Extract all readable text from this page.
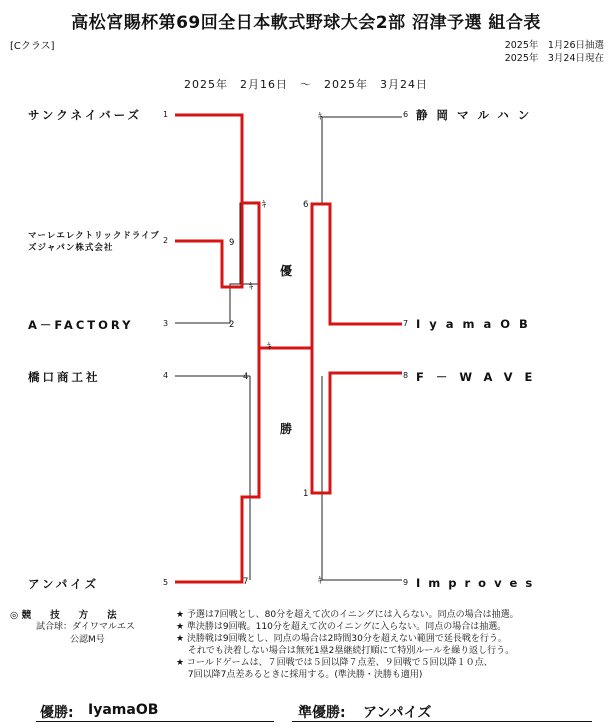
高松宮賜杯第69回全日本軟式野球大会2部 沼津予選 組合表
[Cクラス]	2025年　1月26日抽選
2025年　3月24日現在
2025年　2月16日　～　2025年　3月24日
サンクネイバーズ
マーレエレクトリックドライブ
ズジャパン株式会社
A－FACTORY
橋口商工社
アンパイズ
1
2
3
4
5
6
7
8
9
静岡マルハン
IyamaOB
F－WAVE
Improves
9
2
ｷ
ｷ
4
7
ｷ
ｷ
6
1
ｷ
優
勝
◎ 競　　技　　方　　法
試合球：ダイワマルエス
公認M号
★ 予選は7回戦とし、80分を超えて次のイニングには入らない。同点の場合は抽選。
★ 準決勝は9回戦。110分を超えて次のイニングに入らない。同点の場合は抽選。
★ 決勝戦は9回戦とし、同点の場合は2時間30分を超えない範囲で延長戦を行う。
　 それでも決着しない場合は無死1塁2塁継続打順にて特別ルールを繰り返し行う。
★ コールドゲームは、７回戦では５回以降７点差、９回戦で５回以降１０点、
　 7回以降7点差あるときに採用する。(準決勝・決勝も適用)
優勝: IyamaOB	準優勝: アンパイズ
